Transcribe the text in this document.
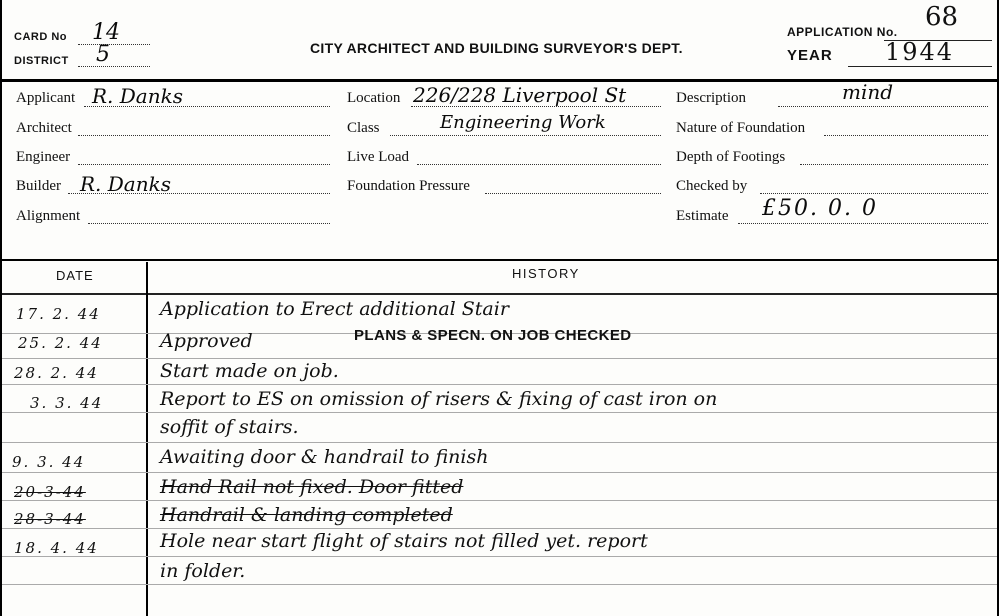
CARD No 14
DISTRICT 5	CITY ARCHITECT AND BUILDING SURVEYOR'S DEPT.
APPLICATION No. 68
YEAR 1944
Applicant R. Danks
Architect
Engineer
Builder R. Danks
Alignment
Location 226/228 Liverpool St
Class	Engineering Work
Live Load
Foundation Pressure
Description	mind
Nature of Foundation
Depth of Footings
Checked by
Estimate £50. 0. 0
DATE	HISTORY
PLANS & SPECN. ON JOB CHECKED
17. 2. 44	Application to Erect additional Stair
25. 2. 44	Approved
28. 2. 44	Start made on job.
3. 3. 44	Report to ES on omission of risers & fixing of cast iron on
soffit of stairs.
9. 3. 44	Awaiting door & handrail to finish
20-3-44	Hand Rail not fixed. Door fitted
28-3-44	Handrail & landing completed
18. 4. 44	Hole near start flight of stairs not filled yet. report
in folder.
